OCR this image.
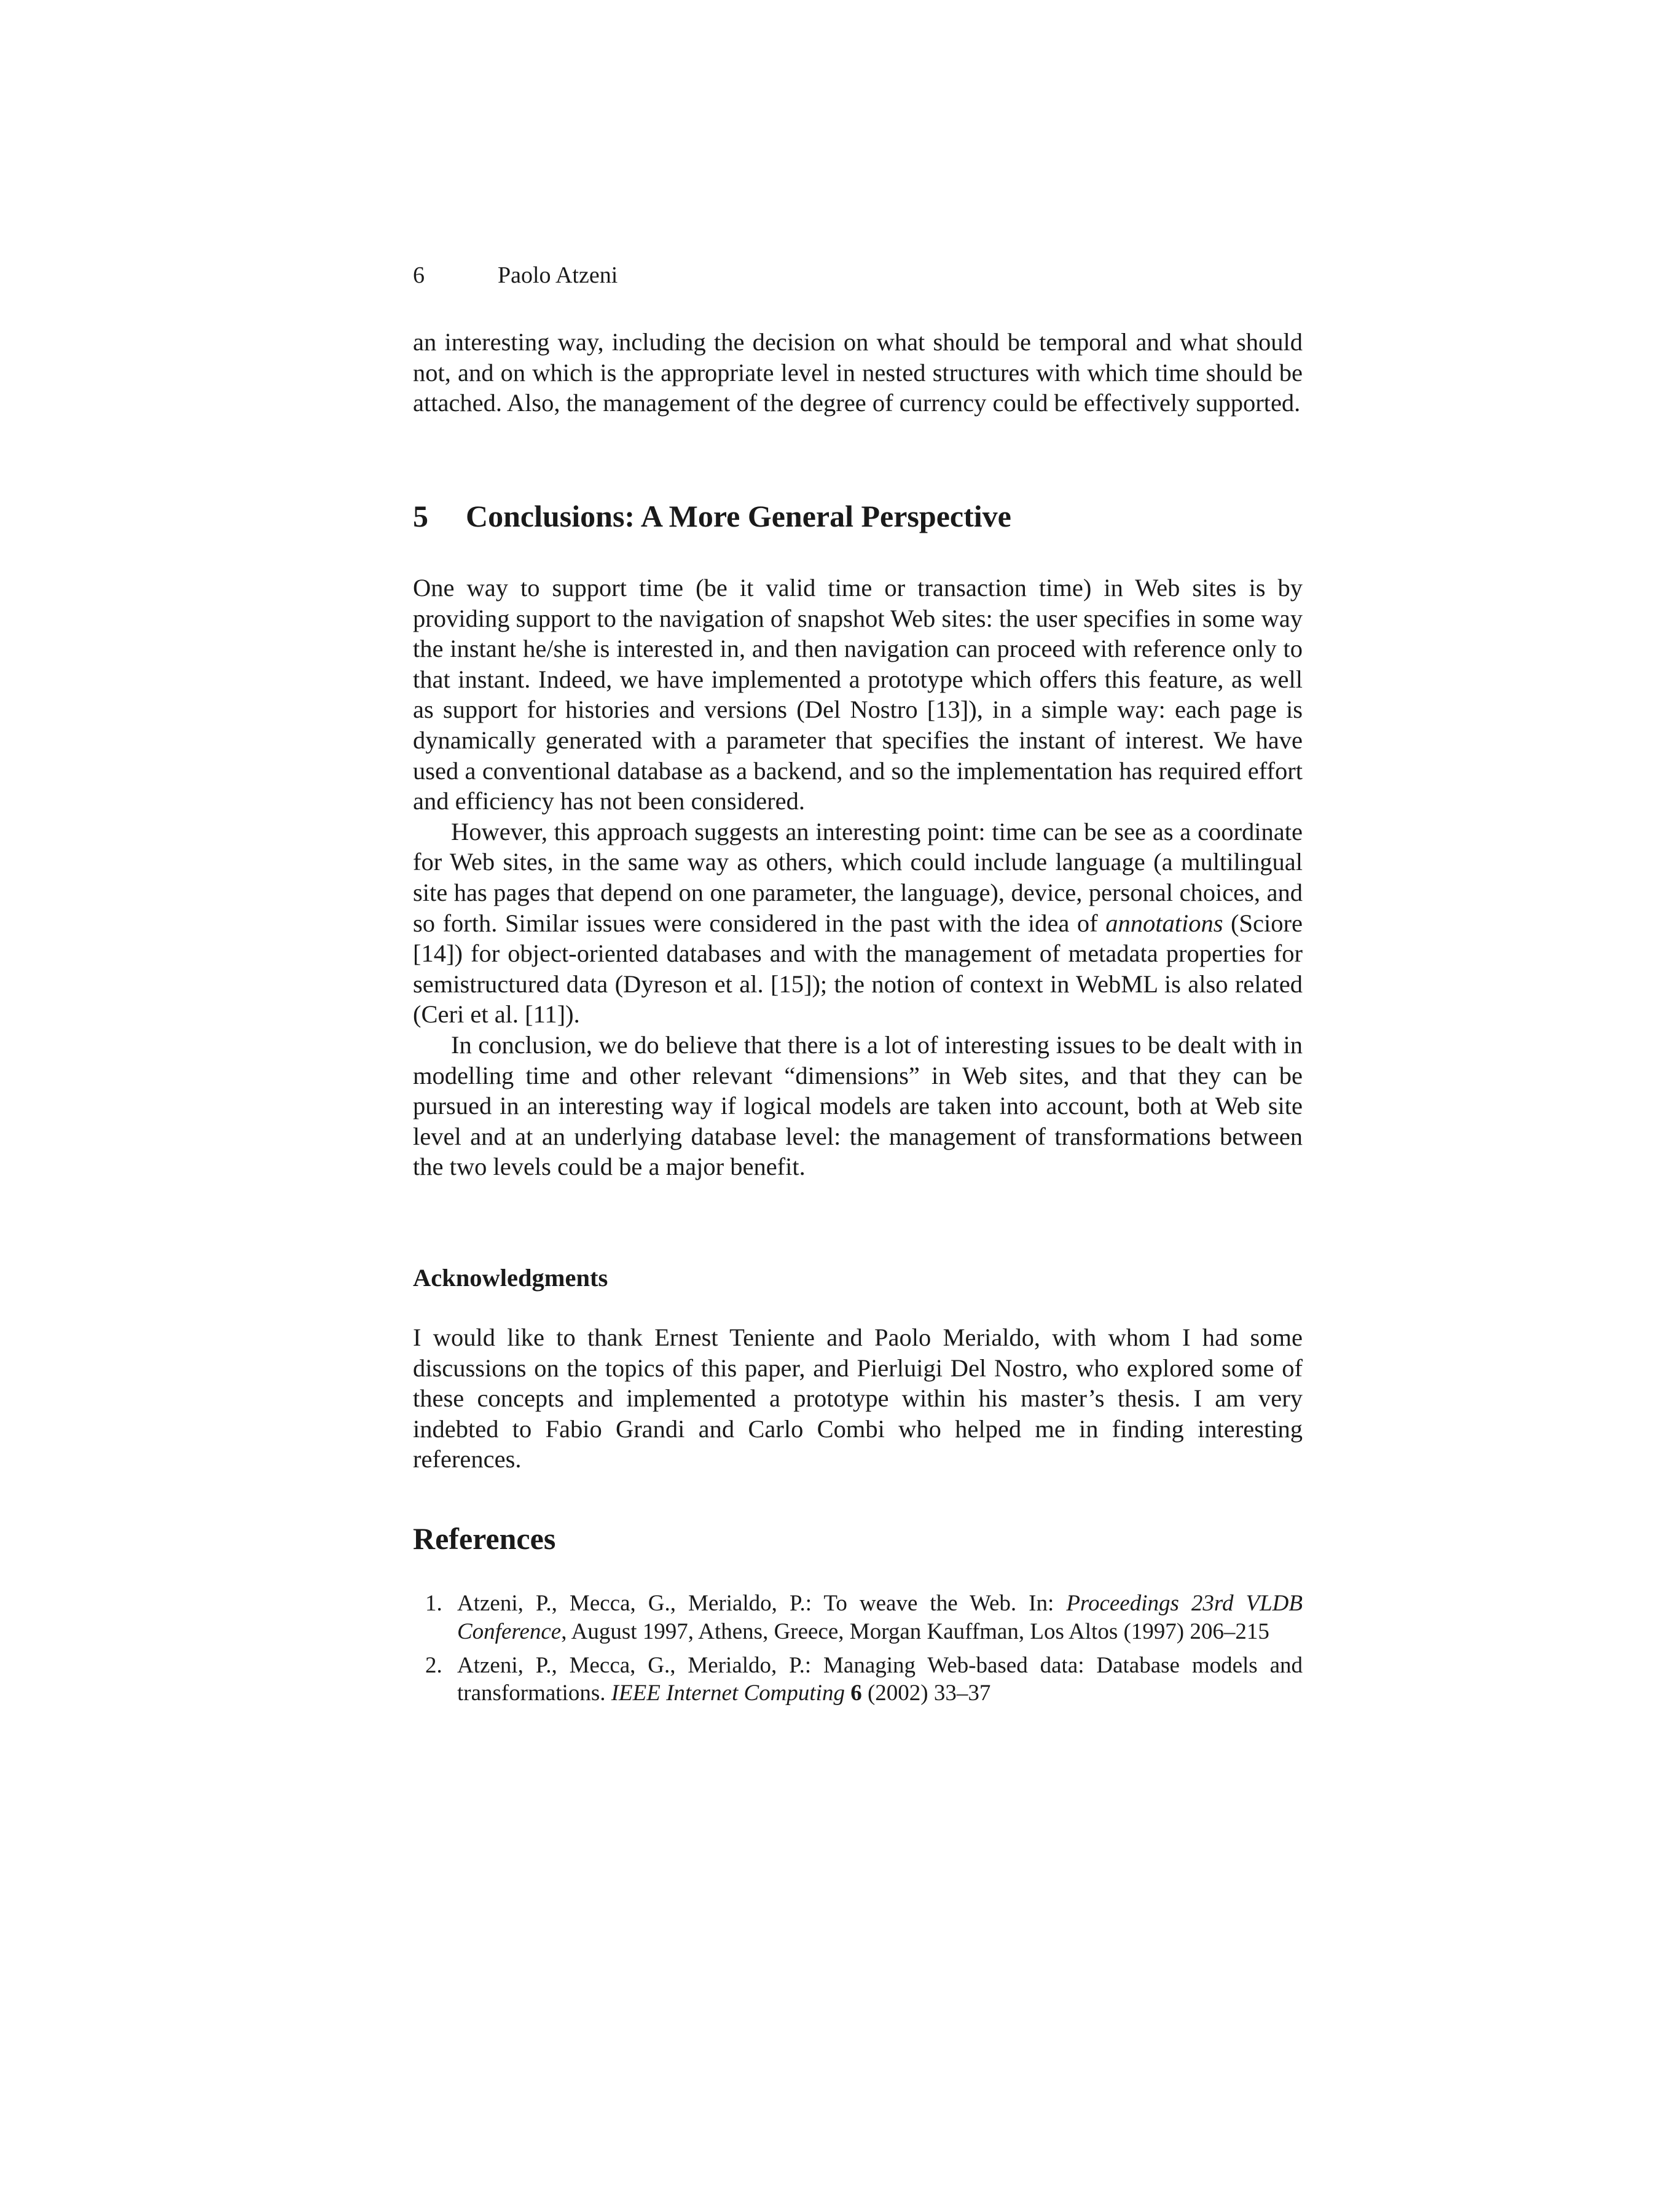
6	Paolo Atzeni

an interesting way, including the decision on what should be temporal and what should not, and on which is the appropriate level in nested structures with which time should be attached. Also, the management of the degree of currency could be effectively supported.

5 Conclusions: A More General Perspective

One way to support time (be it valid time or transaction time) in Web sites is by providing support to the navigation of snapshot Web sites: the user specifies in some way the instant he/she is interested in, and then navigation can proceed with reference only to that instant. Indeed, we have implemented a prototype which offers this feature, as well as support for histories and versions (Del Nostro [13]), in a simple way: each page is dynamically generated with a parameter that specifies the instant of interest. We have used a conventional database as a backend, and so the implementation has required effort and efficiency has not been considered.

However, this approach suggests an interesting point: time can be see as a coordinate for Web sites, in the same way as others, which could include language (a multilingual site has pages that depend on one parameter, the language), device, personal choices, and so forth. Similar issues were considered in the past with the idea of annotations (Sciore [14]) for object-oriented databases and with the management of metadata properties for semistructured data (Dyreson et al. [15]); the notion of context in WebML is also related (Ceri et al. [11]).

In conclusion, we do believe that there is a lot of interesting issues to be dealt with in modelling time and other relevant “dimensions” in Web sites, and that they can be pursued in an interesting way if logical models are taken into account, both at Web site level and at an underlying database level: the management of transformations between the two levels could be a major benefit.

Acknowledgments

I would like to thank Ernest Teniente and Paolo Merialdo, with whom I had some discussions on the topics of this paper, and Pierluigi Del Nostro, who explored some of these concepts and implemented a prototype within his master’s thesis. I am very indebted to Fabio Grandi and Carlo Combi who helped me in finding interesting references.

References
1. Atzeni, P., Mecca, G., Merialdo, P.: To weave the Web. In: Proceedings 23rd VLDB Conference, August 1997, Athens, Greece, Morgan Kauffman, Los Altos (1997) 206–215
2. Atzeni, P., Mecca, G., Merialdo, P.: Managing Web-based data: Database models and transformations. IEEE Internet Computing 6 (2002) 33–37
